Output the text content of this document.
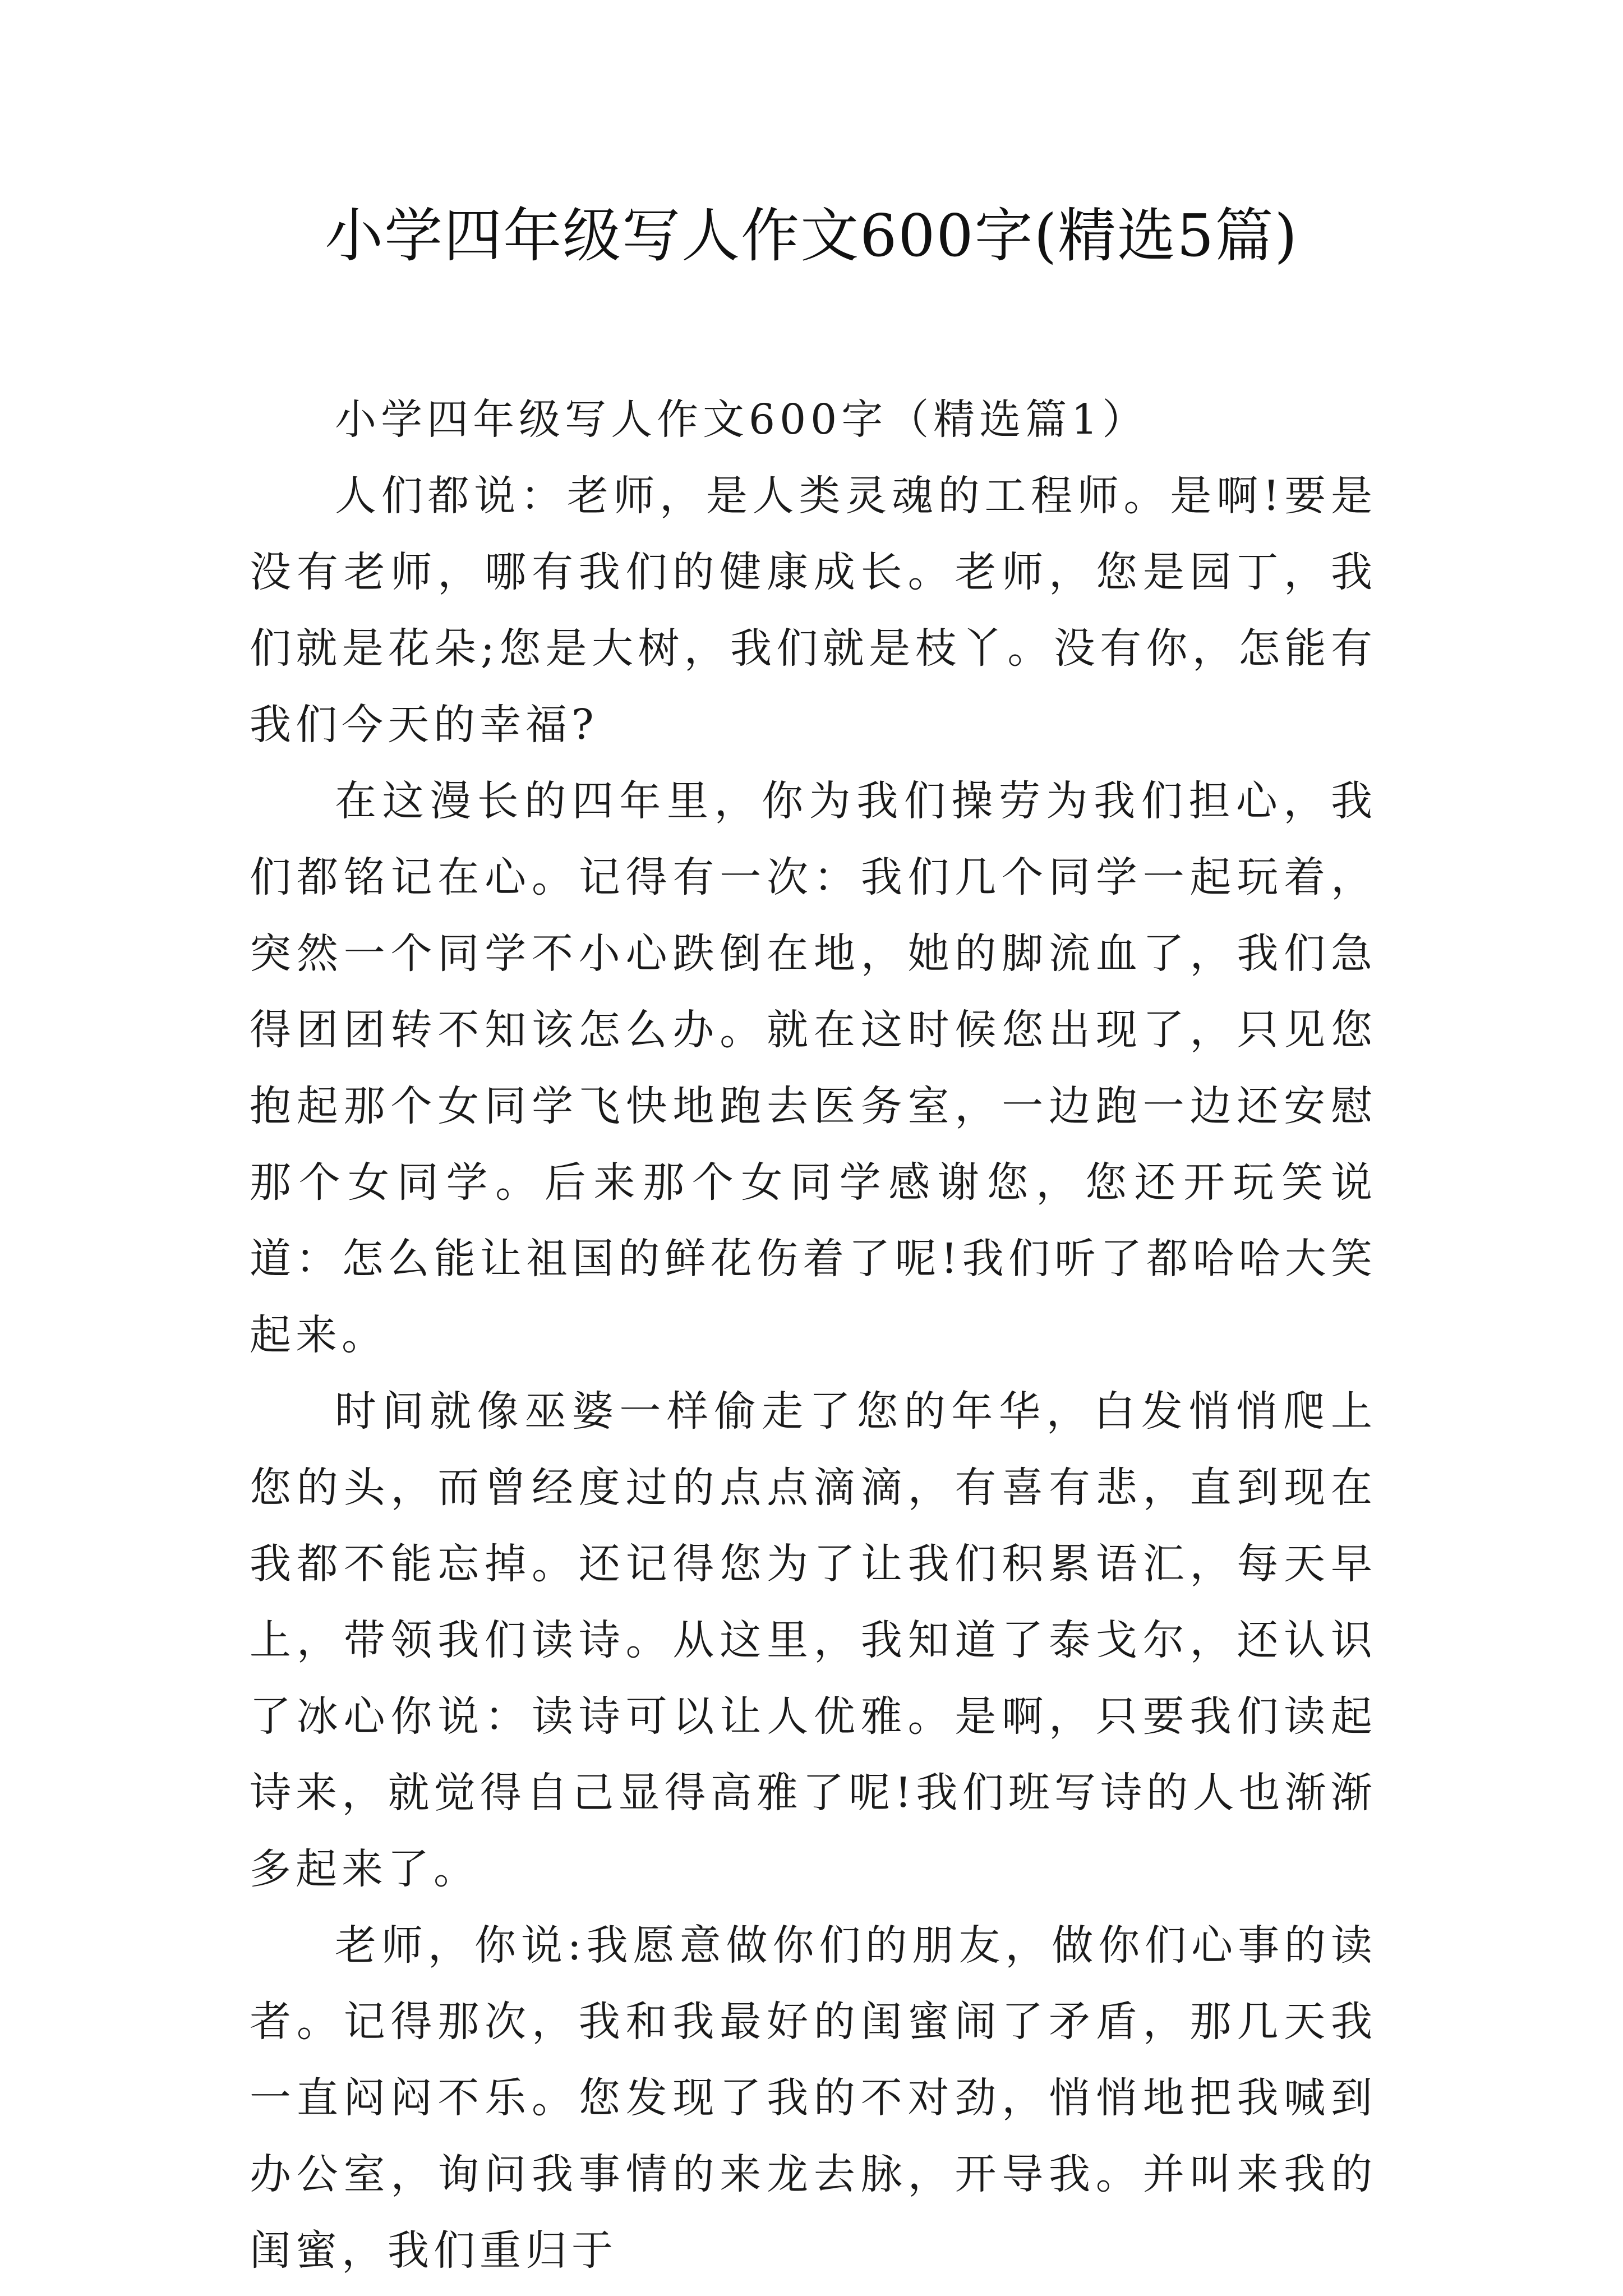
小学四年级写人作文600字(精选5篇)
小学四年级写人作文600字（精选篇1）

人们都说：老师，是人类灵魂的工程师。是啊!要是没有老师，哪有我们的健康成长。老师，您是园丁，我们就是花朵;您是大树，我们就是枝丫。没有你，怎能有我们今天的幸福?

在这漫长的四年里，你为我们操劳为我们担心，我们都铭记在心。记得有一次：我们几个同学一起玩着，突然一个同学不小心跌倒在地，她的脚流血了，我们急得团团转不知该怎么办。就在这时候您出现了，只见您抱起那个女同学飞快地跑去医务室，一边跑一边还安慰那个女同学。后来那个女同学感谢您，您还开玩笑说道：怎么能让祖国的鲜花伤着了呢!我们听了都哈哈大笑起来。

时间就像巫婆一样偷走了您的年华，白发悄悄爬上您的头，而曾经度过的点点滴滴，有喜有悲，直到现在我都不能忘掉。还记得您为了让我们积累语汇，每天早上，带领我们读诗。从这里，我知道了泰戈尔，还认识了冰心你说：读诗可以让人优雅。是啊，只要我们读起诗来，就觉得自己显得高雅了呢!我们班写诗的人也渐渐多起来了。

老师，你说:我愿意做你们的朋友，做你们心事的读者。记得那次，我和我最好的闺蜜闹了矛盾，那几天我一直闷闷不乐。您发现了我的不对劲，悄悄地把我喊到办公室，询问我事情的来龙去脉，开导我。并叫来我的闺蜜，我们重归于
